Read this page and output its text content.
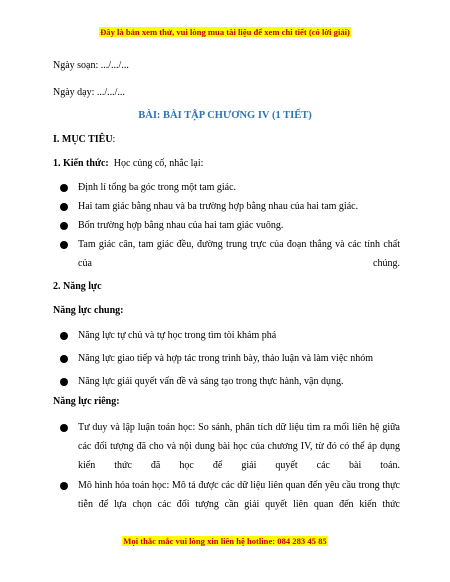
Đây là bản xem thử, vui lòng mua tài liệu để xem chi tiết (có lời giải)
Ngày soạn: .../.../...
Ngày dạy: .../.../...
BÀI: BÀI TẬP CHƯƠNG IV (1 TIẾT)
I. MỤC TIÊU:
1. Kiến thức: Học củng cố, nhắc lại:
Định lí tổng ba góc trong một tam giác.
Hai tam giác bằng nhau và ba trường hợp bằng nhau của hai tam giác.
Bốn trường hợp bằng nhau của hai tam giác vuông.
Tam giác cân, tam giác đều, đường trung trực của đoạn thẳng và các tính chất của chúng.
2. Năng lực
Năng lực chung:
Năng lực tự chủ và tự học trong tìm tòi khám phá
Năng lực giao tiếp và hợp tác trong trình bày, thảo luận và làm việc nhóm
Năng lực giải quyết vấn đề và sáng tạo trong thực hành, vận dụng.
Năng lực riêng:
Tư duy và lập luận toán học: So sánh, phân tích dữ liệu tìm ra mối liên hệ giữa các đối tượng đã cho và nội dung bài học của chương IV, từ đó có thể áp dụng kiến thức đã học để giải quyết các bài toán.
Mô hình hóa toán học: Mô tả được các dữ liệu liên quan đến yêu cầu trong thực tiễn để lựa chọn các đối tượng cần giải quyết liên quan đến kiến thức
Mọi thắc mắc vui lòng xin liên hệ hotline: 084 283 45 85
